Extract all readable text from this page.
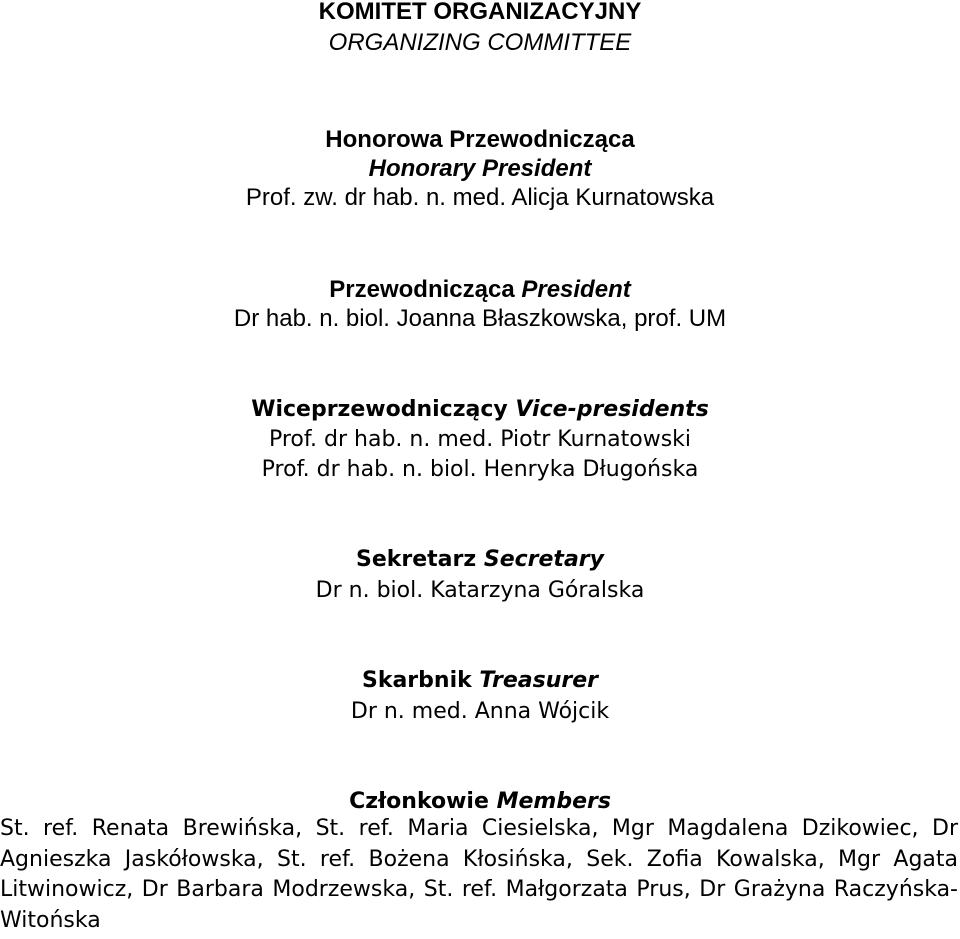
KOMITET ORGANIZACYJNY
ORGANIZING COMMITTEE
Honorowa Przewodnicząca
Honorary President
Prof. zw. dr hab. n. med. Alicja Kurnatowska
Przewodnicząca President
Dr hab. n. biol. Joanna Błaszkowska, prof. UM
Wiceprzewodniczący Vice-presidents
Prof. dr hab. n. med. Piotr Kurnatowski
Prof. dr hab. n. biol. Henryka Długońska
Sekretarz Secretary
Dr n. biol. Katarzyna Góralska
Skarbnik Treasurer
Dr n. med. Anna Wójcik
Członkowie Members
St. ref. Renata Brewińska, St. ref. Maria Ciesielska, Mgr Magdalena Dzikowiec, Dr Agnieszka Jaskółowska, St. ref. Bożena Kłosińska, Sek. Zofia Kowalska, Mgr Agata Litwinowicz, Dr Barbara Modrzewska, St. ref. Małgorzata Prus, Dr Grażyna Raczyńska-Witońska
